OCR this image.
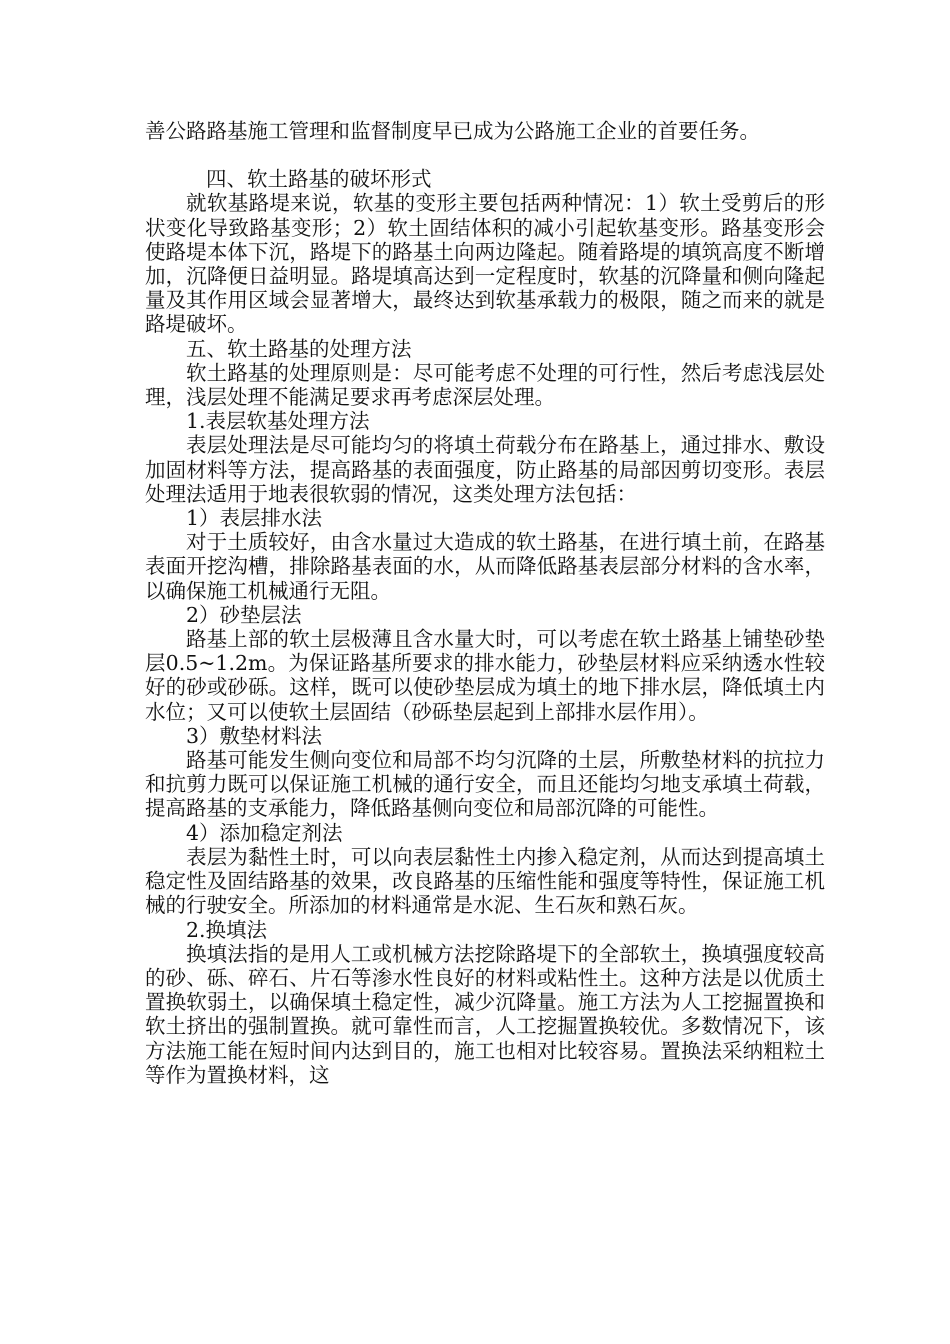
善公路路基施工管理和监督制度早已成为公路施工企业的首要任务。

四、软土路基的破坏形式

就软基路堤来说，软基的变形主要包括两种情况：1）软土受剪后的形状变化导致路基变形；2）软土固结体积的减小引起软基变形。路基变形会使路堤本体下沉，路堤下的路基土向两边隆起。随着路堤的填筑高度不断增加，沉降便日益明显。路堤填高达到一定程度时，软基的沉降量和侧向隆起量及其作用区域会显著增大，最终达到软基承载力的极限，随之而来的就是路堤破坏。

五、软土路基的处理方法

软土路基的处理原则是：尽可能考虑不处理的可行性，然后考虑浅层处理，浅层处理不能满足要求再考虑深层处理。

1.表层软基处理方法

表层处理法是尽可能均匀的将填土荷载分布在路基上，通过排水、敷设加固材料等方法，提高路基的表面强度，防止路基的局部因剪切变形。表层处理法适用于地表很软弱的情况，这类处理方法包括：

1）表层排水法

对于土质较好，由含水量过大造成的软土路基，在进行填土前，在路基表面开挖沟槽，排除路基表面的水，从而降低路基表层部分材料的含水率，以确保施工机械通行无阻。

2）砂垫层法

路基上部的软土层极薄且含水量大时，可以考虑在软土路基上铺垫砂垫层0.5~1.2m。为保证路基所要求的排水能力，砂垫层材料应采纳透水性较好的砂或砂砾。这样，既可以使砂垫层成为填土的地下排水层，降低填土内水位；又可以使软土层固结（砂砾垫层起到上部排水层作用）。

3）敷垫材料法

路基可能发生侧向变位和局部不均匀沉降的土层，所敷垫材料的抗拉力和抗剪力既可以保证施工机械的通行安全，而且还能均匀地支承填土荷载，提高路基的支承能力，降低路基侧向变位和局部沉降的可能性。

4）添加稳定剂法

表层为黏性土时，可以向表层黏性土内掺入稳定剂，从而达到提高填土稳定性及固结路基的效果，改良路基的压缩性能和强度等特性，保证施工机械的行驶安全。所添加的材料通常是水泥、生石灰和熟石灰。

2.换填法

换填法指的是用人工或机械方法挖除路堤下的全部软土，换填强度较高的砂、砾、碎石、片石等渗水性良好的材料或粘性土。这种方法是以优质土置换软弱土，以确保填土稳定性，减少沉降量。施工方法为人工挖掘置换和软土挤出的强制置换。就可靠性而言，人工挖掘置换较优。多数情况下，该方法施工能在短时间内达到目的，施工也相对比较容易。置换法采纳粗粒土等作为置换材料，这
